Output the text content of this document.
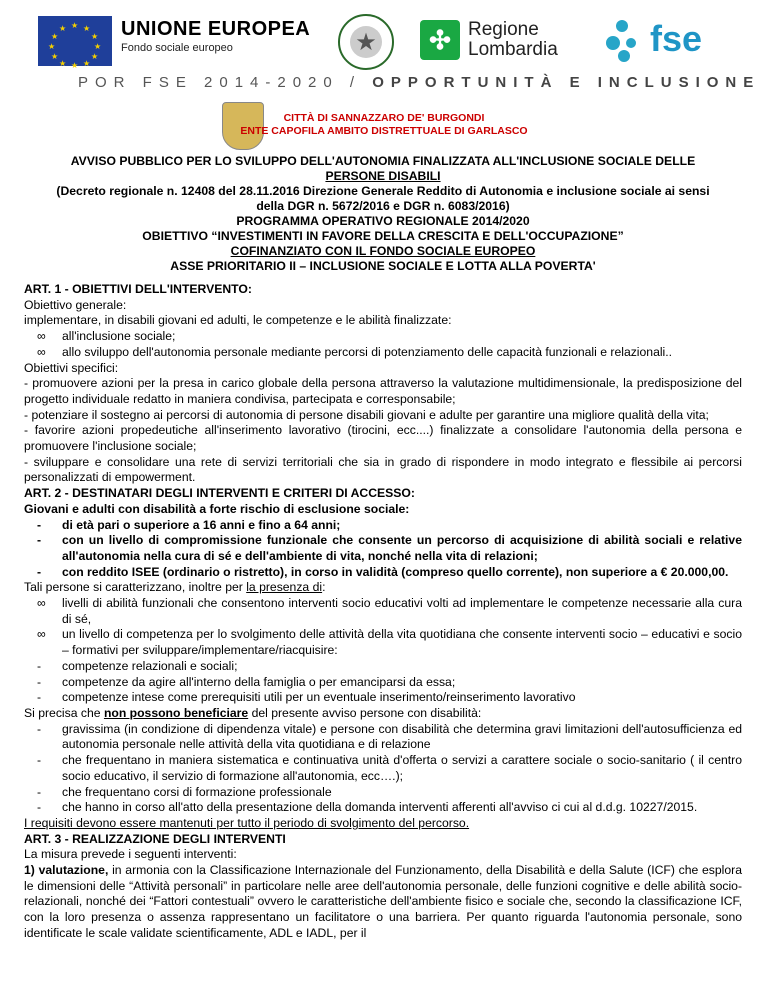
★ ★
★
★
★
★
★
★
★
★
★
★	UNIONE EUROPEA
Fondo sociale europeo	★	✣ Regione
Lombardia	fse
POR FSE 2014-2020 / OPPORTUNITÀ E INCLUSIONE
CITTÀ DI SANNAZZARO DE' BURGONDI
ENTE CAPOFILA AMBITO DISTRETTUALE DI GARLASCO

AVVISO PUBBLICO PER LO SVILUPPO DELL'AUTONOMIA FINALIZZATA ALL'INCLUSIONE SOCIALE DELLE

PERSONE DISABILI

(Decreto regionale n. 12408 del 28.11.2016 Direzione Generale Reddito di Autonomia e inclusione sociale ai sensi

della DGR n. 5672/2016 e DGR n. 6083/2016)

PROGRAMMA OPERATIVO REGIONALE 2014/2020

OBIETTIVO “INVESTIMENTI IN FAVORE DELLA CRESCITA E DELL'OCCUPAZIONE”

COFINANZIATO CON IL FONDO SOCIALE EUROPEO

ASSE PRIORITARIO II – INCLUSIONE SOCIALE E LOTTA ALLA POVERTA'

ART. 1 - OBIETTIVI DELL'INTERVENTO:

Obiettivo generale:

implementare, in disabili giovani ed adulti, le competenze e le abilità finalizzate:

∞ all'inclusione sociale;
∞ allo sviluppo dell'autonomia personale mediante percorsi di potenziamento delle capacità funzionali e relazionali..

Obiettivi specifici:

- promuovere azioni per la presa in carico globale della persona attraverso la valutazione multidimensionale, la predisposizione del progetto individuale redatto in maniera condivisa, partecipata e corresponsabile;

- potenziare il sostegno ai percorsi di autonomia di persone disabili giovani e adulte per garantire una migliore qualità della vita;

- favorire azioni propedeutiche all'inserimento lavorativo (tirocini, ecc....) finalizzate a consolidare l'autonomia della persona e promuovere l'inclusione sociale;

- sviluppare e consolidare una rete di servizi territoriali che sia in grado di rispondere in modo integrato e flessibile ai percorsi personalizzati di empowerment.

ART. 2 - DESTINATARI DEGLI INTERVENTI E CRITERI DI ACCESSO:

Giovani e adulti con disabilità a forte rischio di esclusione sociale:

- di età pari o superiore a 16 anni e fino a 64 anni;
- con un livello di compromissione funzionale che consente un percorso di acquisizione di abilità sociali e relative all'autonomia nella cura di sé e dell'ambiente di vita, nonché nella vita di relazioni;
- con reddito ISEE (ordinario o ristretto), in corso in validità (compreso quello corrente), non superiore a € 20.000,00.

Tali persone si caratterizzano, inoltre per la presenza di:

∞ livelli di abilità funzionali che consentono interventi socio educativi volti ad implementare le competenze necessarie alla cura di sé,
∞ un livello di competenza per lo svolgimento delle attività della vita quotidiana che consente interventi socio – educativi e socio – formativi per sviluppare/implementare/riacquisire:
- competenze relazionali e sociali;
- competenze da agire all'interno della famiglia o per emanciparsi da essa;
- competenze intese come prerequisiti utili per un eventuale inserimento/reinserimento lavorativo

Si precisa che non possono beneficiare del presente avviso persone con disabilità:

- gravissima (in condizione di dipendenza vitale) e persone con disabilità che determina gravi limitazioni dell'autosufficienza ed autonomia personale nelle attività della vita quotidiana e di relazione
- che frequentano in maniera sistematica e continuativa unità d'offerta o servizi a carattere sociale o socio-sanitario ( il centro socio educativo, il servizio di formazione all'autonomia, ecc….);
- che frequentano corsi di formazione professionale
- che hanno in corso all'atto della presentazione della domanda interventi afferenti all'avviso ci cui al d.d.g. 10227/2015.

I requisiti devono essere mantenuti per tutto il periodo di svolgimento del percorso.

ART. 3 - REALIZZAZIONE DEGLI INTERVENTI

La misura prevede i seguenti interventi:

1) valutazione, in armonia con la Classificazione Internazionale del Funzionamento, della Disabilità e della Salute (ICF) che esplora le dimensioni delle “Attività personali” in particolare nelle aree dell'autonomia personale, delle funzioni cognitive e delle abilità socio-relazionali, nonché dei “Fattori contestuali” ovvero le caratteristiche dell'ambiente fisico e sociale che, secondo la classificazione ICF, con la loro presenza o assenza rappresentano un facilitatore o una barriera. Per quanto riguarda l'autonomia personale, sono identificate le scale validate scientificamente, ADL e IADL, per il
